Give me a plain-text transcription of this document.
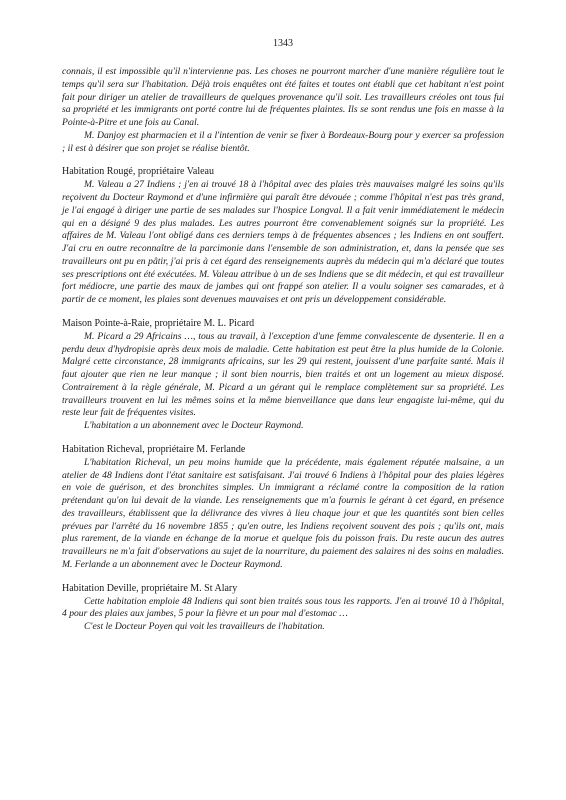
1343

connais, il est impossible qu'il n'intervienne pas. Les choses ne pourront marcher d'une manière régulière tout le temps qu'il sera sur l'habitation. Déjà trois enquêtes ont été faites et toutes ont établi que cet habitant n'est point fait pour diriger un atelier de travailleurs de quelques provenance qu'il soit. Les travailleurs créoles ont tous fui sa propriété et les immigrants ont porté contre lui de fréquentes plaintes. Ils se sont rendus une fois en masse à la Pointe-à-Pitre et une fois au Canal.

M. Danjoy est pharmacien et il a l'intention de venir se fixer à Bordeaux-Bourg pour y exercer sa profession ; il est à désirer que son projet se réalise bientôt.

Habitation Rougé, propriétaire Valeau

M. Valeau a 27 Indiens ; j'en ai trouvé 18 à l'hôpital avec des plaies très mauvaises malgré les soins qu'ils reçoivent du Docteur Raymond et d'une infirmière qui paraît être dévouée ; comme l'hôpital n'est pas très grand, je l'ai engagé à diriger une partie de ses malades sur l'hospice Longval. Il a fait venir immédiatement le médecin qui en a désigné 9 des plus malades. Les autres pourront être convenablement soignés sur la propriété. Les affaires de M. Valeau l'ont obligé dans ces derniers temps à de fréquentes absences ; les Indiens en ont souffert. J'ai cru en outre reconnaître de la parcimonie dans l'ensemble de son administration, et, dans la pensée que ses travailleurs ont pu en pâtir, j'ai pris à cet égard des renseignements auprès du médecin qui m'a déclaré que toutes ses prescriptions ont été exécutées. M. Valeau attribue à un de ses Indiens que se dit médecin, et qui est travailleur fort médiocre, une partie des maux de jambes qui ont frappé son atelier. Il a voulu soigner ses camarades, et à partir de ce moment, les plaies sont devenues mauvaises et ont pris un développement considérable.

Maison Pointe-à-Raie, propriétaire M. L. Picard

M. Picard a 29 Africains …, tous au travail, à l'exception d'une femme convalescente de dysenterie. Il en a perdu deux d'hydropisie après deux mois de maladie. Cette habitation est peut être la plus humide de la Colonie. Malgré cette circonstance, 28 immigrants africains, sur les 29 qui restent, jouissent d'une parfaite santé. Mais il faut ajouter que rien ne leur manque ; il sont bien nourris, bien traités et ont un logement au mieux disposé. Contrairement à la règle générale, M. Picard a un gérant qui le remplace complètement sur sa propriété. Les travailleurs trouvent en lui les mêmes soins et la même bienveillance que dans leur engagiste lui-même, qui du reste leur fait de fréquentes visites.

L'habitation a un abonnement avec le Docteur Raymond.

Habitation Richeval, propriétaire M. Ferlande

L'habitation Richeval, un peu moins humide que la précédente, mais également réputée malsaine, a un atelier de 48 Indiens dont l'état sanitaire est satisfaisant. J'ai trouvé 6 Indiens à l'hôpital pour des plaies légères en voie de guérison, et des bronchites simples. Un immigrant a réclamé contre la composition de la ration prétendant qu'on lui devait de la viande. Les renseignements que m'a fournis le gérant à cet égard, en présence des travailleurs, établissent que la délivrance des vivres à lieu chaque jour et que les quantités sont bien celles prévues par l'arrêté du 16 novembre 1855 ; qu'en outre, les Indiens reçoivent souvent des pois ; qu'ils ont, mais plus rarement, de la viande en échange de la morue et quelque fois du poisson frais. Du reste aucun des autres travailleurs ne m'a fait d'observations au sujet de la nourriture, du paiement des salaires ni des soins en maladies. M. Ferlande a un abonnement avec le Docteur Raymond.

Habitation Deville, propriétaire M. St Alary

Cette habitation emploie 48 Indiens qui sont bien traités sous tous les rapports. J'en ai trouvé 10 à l'hôpital, 4 pour des plaies aux jambes, 5 pour la fièvre et un pour mal d'estomac …

C'est le Docteur Poyen qui voit les travailleurs de l'habitation.
